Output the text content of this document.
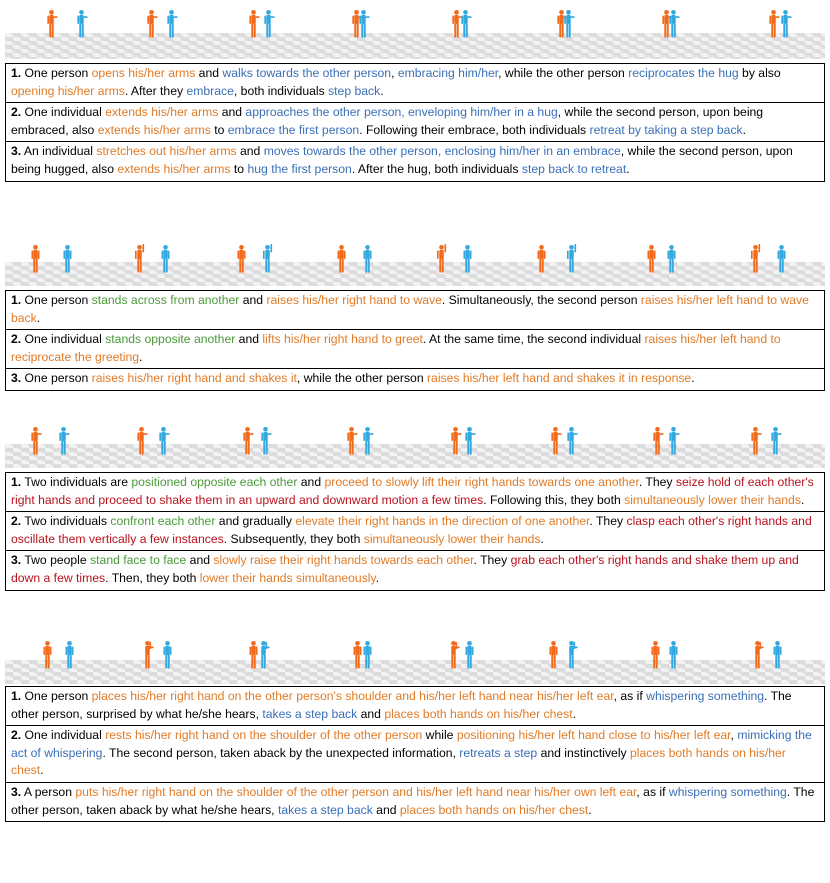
1. One person opens his/her arms and walks towards the other person, embracing him/her, while the other person reciprocates the hug by also opening his/her arms. After they embrace, both individuals step back.
2. One individual extends his/her arms and approaches the other person, enveloping him/her in a hug, while the second person, upon being embraced, also extends his/her arms to embrace the first person. Following their embrace, both individuals retreat by taking a step back.
3. An individual stretches out his/her arms and moves towards the other person, enclosing him/her in an embrace, while the second person, upon being hugged, also extends his/her arms to hug the first person. After the hug, both individuals step back to retreat.
1. One person stands across from another and raises his/her right hand to wave. Simultaneously, the second person raises his/her left hand to wave back.
2. One individual stands opposite another and lifts his/her right hand to greet. At the same time, the second individual raises his/her left hand to reciprocate the greeting.
3. One person raises his/her right hand and shakes it, while the other person raises his/her left hand and shakes it in response.
1. Two individuals are positioned opposite each other and proceed to slowly lift their right hands towards one another. They seize hold of each other's right hands and proceed to shake them in an upward and downward motion a few times. Following this, they both simultaneously lower their hands.
2. Two individuals confront each other and gradually elevate their right hands in the direction of one another. They clasp each other's right hands and oscillate them vertically a few instances. Subsequently, they both simultaneously lower their hands.
3. Two people stand face to face and slowly raise their right hands towards each other. They grab each other's right hands and shake them up and down a few times. Then, they both lower their hands simultaneously.
1. One person places his/her right hand on the other person's shoulder and his/her left hand near his/her left ear, as if whispering something. The other person, surprised by what he/she hears, takes a step back and places both hands on his/her chest.
2. One individual rests his/her right hand on the shoulder of the other person while positioning his/her left hand close to his/her left ear, mimicking the act of whispering. The second person, taken aback by the unexpected information, retreats a step and instinctively places both hands on his/her chest.
3. A person puts his/her right hand on the shoulder of the other person and his/her left hand near his/her own left ear, as if whispering something. The other person, taken aback by what he/she hears, takes a step back and places both hands on his/her chest.
